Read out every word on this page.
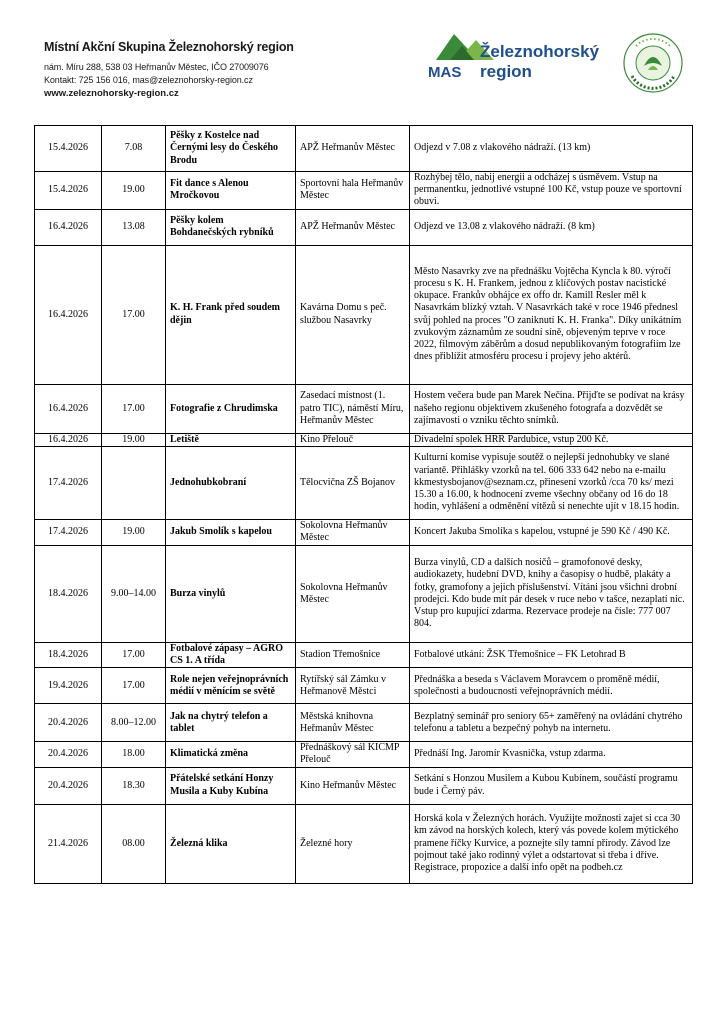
Místní Akční Skupina Železnohorský region
nám. Míru 288, 538 03 Heřmanův Městec, IČO 27009076
Kontakt: 725 156 016, mas@zeleznohorsky-region.cz
www.zeleznohorsky-region.cz
MAS
Železnohorský
region
15.4.2026	7.08	Pěšky z Kostelce nad Černými lesy do Českého Brodu	APŽ Heřmanův Městec	Odjezd v 7.08 z vlakového nádraží. (13 km)
15.4.2026	19.00	Fit dance s Alenou Mročkovou	Sportovní hala Heřmanův Městec	Rozhýbej tělo, nabij energii a odcházej s úsměvem. Vstup na permanentku, jednotlivé vstupné 100 Kč, vstup pouze ve sportovní obuvi.
16.4.2026	13.08	Pěšky kolem Bohdanečských rybníků	APŽ Heřmanův Městec	Odjezd ve 13.08 z vlakového nádraží. (8 km)
16.4.2026	17.00	K. H. Frank před soudem dějin	Kavárna Domu s peč. službou Nasavrky	Město Nasavrky zve na přednášku Vojtěcha Kyncla k 80. výročí procesu s K. H. Frankem, jednou z klíčových postav nacistické okupace. Frankův obhájce ex offo dr. Kamill Resler měl k Nasavrkám blízký vztah. V Nasavrkách také v roce 1946 přednesl svůj pohled na proces "O zaniknutí K. H. Franka". Díky unikátním zvukovým záznamům ze soudní síně, objeveným teprve v roce 2022, filmovým záběrům a dosud nepublikovaným fotografiím lze dnes přiblížit atmosféru procesu i projevy jeho aktérů.
16.4.2026	17.00	Fotografie z Chrudimska	Zasedací místnost (1. patro TIC), náměstí Míru, Heřmanův Městec	Hostem večera bude pan Marek Nečina. Přijďte se podívat na krásy našeho regionu objektivem zkušeného fotografa a dozvědět se zajímavosti o vzniku těchto snímků.
16.4.2026	19.00	Letiště	Kino Přelouč	Divadelní spolek HRR Pardubice, vstup 200 Kč.
17.4.2026		Jednohubkobraní	Tělocvična ZŠ Bojanov	Kulturní komise vypisuje soutěž o nejlepší jednohubky ve slané variantě. Přihlášky vzorků na tel. 606 333 642 nebo na e-mailu kkmestysbojanov@seznam.cz, přinesení vzorků /cca 70 ks/ mezi 15.30 a 16.00, k hodnocení zveme všechny občany od 16 do 18 hodin, vyhlášení a odměnění vítězů si nenechte ujít v 18.15 hodin.
17.4.2026	19.00	Jakub Smolík s kapelou	Sokolovna Heřmanův Městec	Koncert Jakuba Smolíka s kapelou, vstupné je 590 Kč / 490 Kč.
18.4.2026	9.00–14.00	Burza vinylů	Sokolovna Heřmanův Městec	Burza vinylů, CD a dalších nosičů – gramofonové desky, audiokazety, hudební DVD, knihy a časopisy o hudbě, plakáty a fotky, gramofony a jejich příslušenství. Vítáni jsou všichni drobní prodejci. Kdo bude mít pár desek v ruce nebo v tašce, nezaplatí nic. Vstup pro kupující zdarma. Rezervace prodeje na čísle: 777 007 804.
18.4.2026	17.00	Fotbalové zápasy – AGRO CS 1. A třída	Stadion Třemošnice	Fotbalové utkání: ŽSK Třemošnice – FK Letohrad B
19.4.2026	17.00	Role nejen veřejnoprávních médií v měnícím se světě	Rytířský sál Zámku v Heřmanově Městci	Přednáška a beseda s Václavem Moravcem o proměně médií, společnosti a budoucnosti veřejnoprávních médií.
20.4.2026	8.00–12.00	Jak na chytrý telefon a tablet	Městská knihovna Heřmanův Městec	Bezplatný seminář pro seniory 65+ zaměřený na ovládání chytrého telefonu a tabletu a bezpečný pohyb na internetu.
20.4.2026	18.00	Klimatická změna	Přednáškový sál KICMP Přelouč	Přednáší Ing. Jaromír Kvasnička, vstup zdarma.
20.4.2026	18.30	Přátelské setkání Honzy Musila a Kuby Kubína	Kino Heřmanův Městec	Setkání s Honzou Musilem a Kubou Kubínem, součástí programu bude i Černý páv.
21.4.2026	08.00	Železná klika	Železné hory	Horská kola v Železných horách. Využijte možnosti zajet si cca 30 km závod na horských kolech, který vás povede kolem mýtického pramene říčky Kurvice, a poznejte síly tamní přírody. Závod lze pojmout také jako rodinný výlet a odstartovat si třeba i dříve. Registrace, propozice a další info opět na podbeh.cz
